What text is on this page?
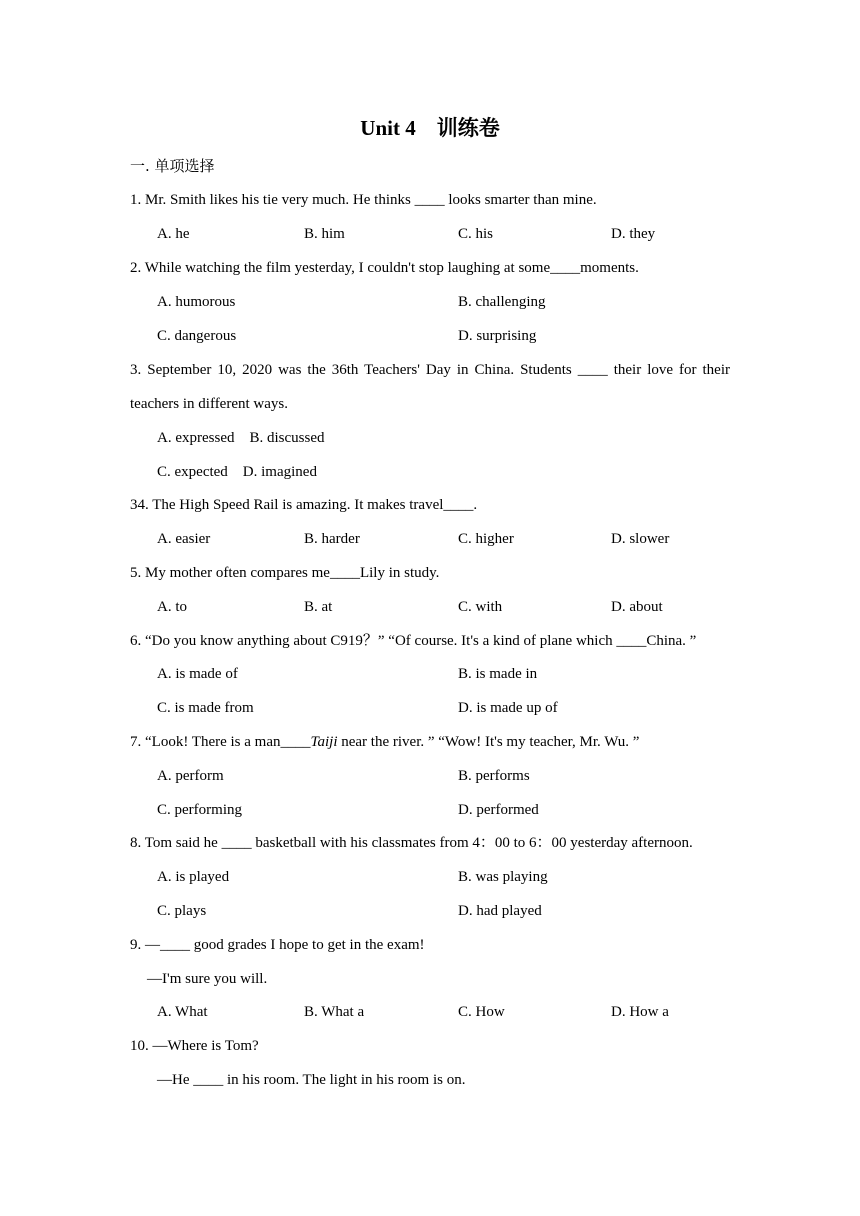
Unit 4　训练卷
一. 单项选择
1. Mr. Smith likes his tie very much. He thinks ____ looks smarter than mine.
A. he	B. him	C. his	D. they
2. While watching the film yesterday, I couldn't stop laughing at some____moments.
A. humorous	B. challenging
C. dangerous	D. surprising
3. September 10, 2020 was the 36th Teachers' Day in China. Students ____ their love for their
teachers in different ways.
A. expressed　B. discussed
C. expected　D. imagined
34. The High Speed Rail is amazing. It makes travel____.
A. easier	B. harder	C. higher	D. slower
5. My mother often compares me____Lily in study.
A. to	B. at	C. with	D. about
6. “Do you know anything about C919？” “Of course. It's a kind of plane which ____China. ”
A. is made of	B. is made in
C. is made from	D. is made up of
7. “Look! There is a man____Taiji near the river. ” “Wow! It's my teacher, Mr. Wu. ”
A. perform	B. performs
C. performing	D. performed
8. Tom said he ____ basketball with his classmates from 4：00 to 6：00 yesterday afternoon.
A. is played	B. was playing
C. plays	D. had played
9. —____ good grades I hope to get in the exam!
—I'm sure you will.
A. What	B. What a	C. How	D. How a
10. —Where is Tom?
—He ____ in his room. The light in his room is on.
